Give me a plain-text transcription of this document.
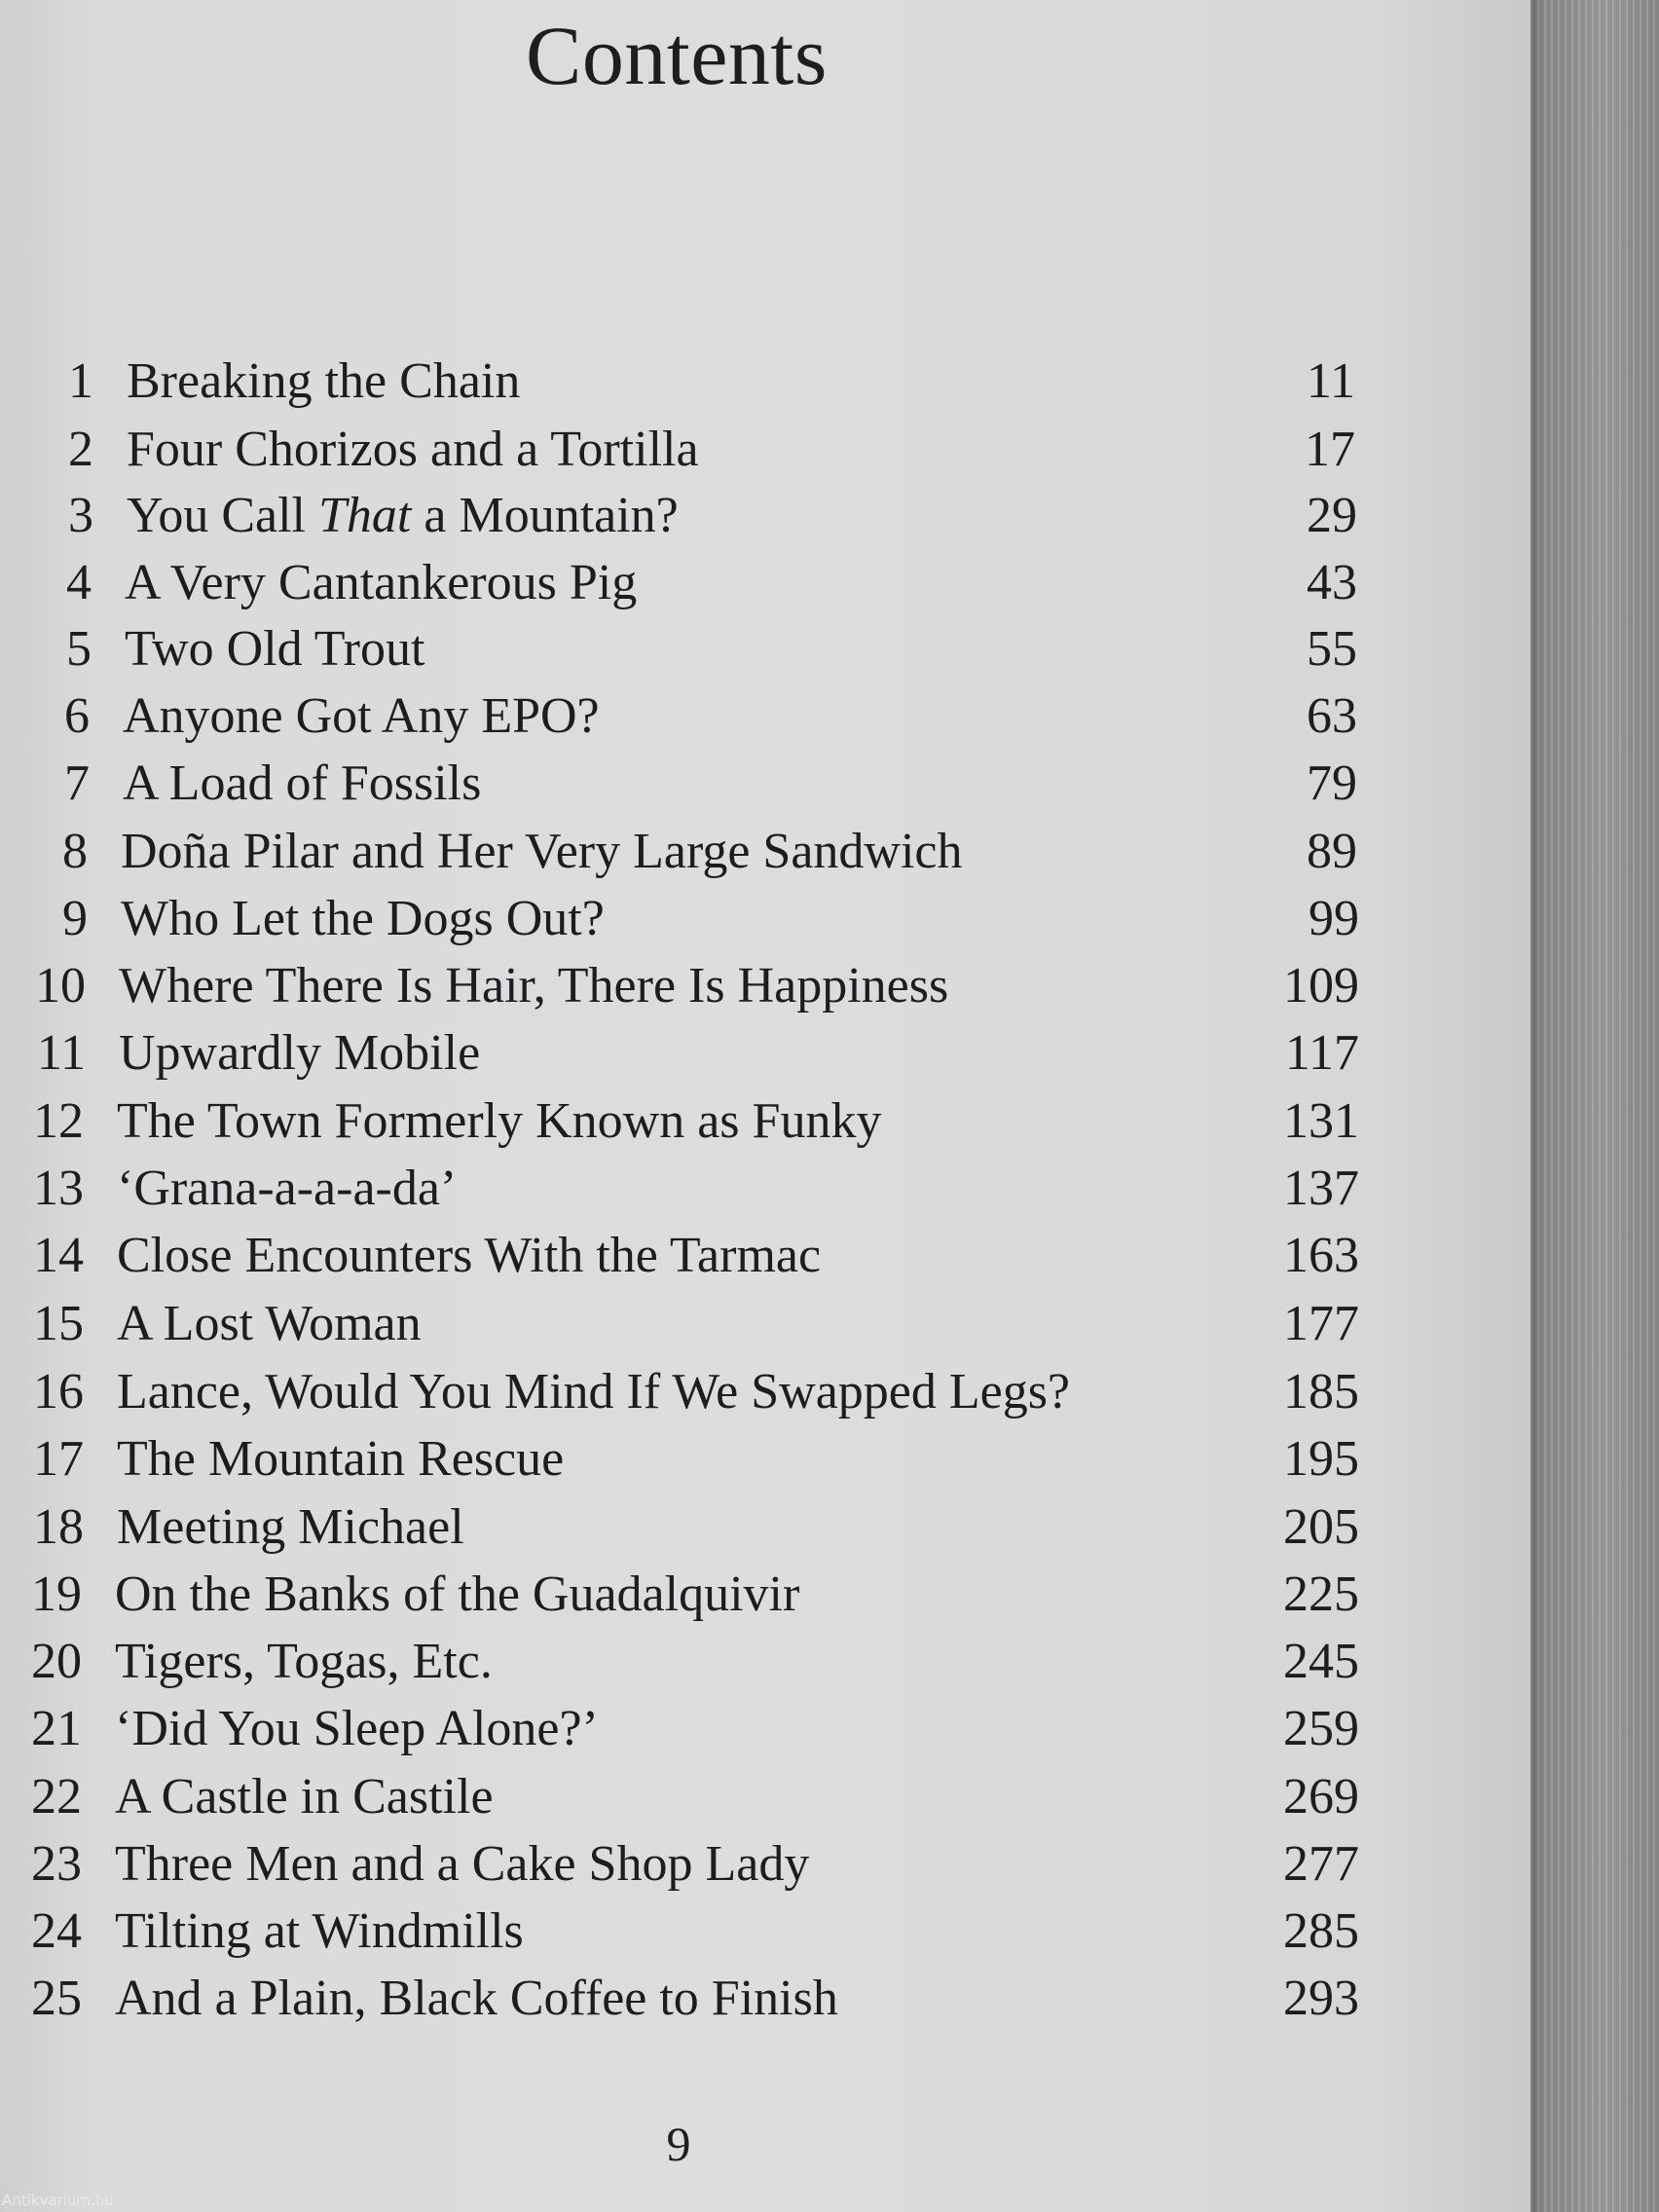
Contents
1 Breaking the Chain	11
2 Four Chorizos and a Tortilla	17
3 You Call That a Mountain?	29
4 A Very Cantankerous Pig	43
5 Two Old Trout	55
6 Anyone Got Any EPO?	63
7 A Load of Fossils	79
8 Doña Pilar and Her Very Large Sandwich	89
9 Who Let the Dogs Out?	99
10 Where There Is Hair, There Is Happiness	109
11 Upwardly Mobile	117
12 The Town Formerly Known as Funky	131
13 ‘Grana-a-a-a-da’	137
14 Close Encounters With the Tarmac	163
15 A Lost Woman	177
16 Lance, Would You Mind If We Swapped Legs?	185
17 The Mountain Rescue	195
18 Meeting Michael	205
19 On the Banks of the Guadalquivir	225
20 Tigers, Togas, Etc.	245
21 ‘Did You Sleep Alone?’	259
22 A Castle in Castile	269
23 Three Men and a Cake Shop Lady	277
24 Tilting at Windmills	285
25 And a Plain, Black Coffee to Finish	293
9
Antikvarium.hu
